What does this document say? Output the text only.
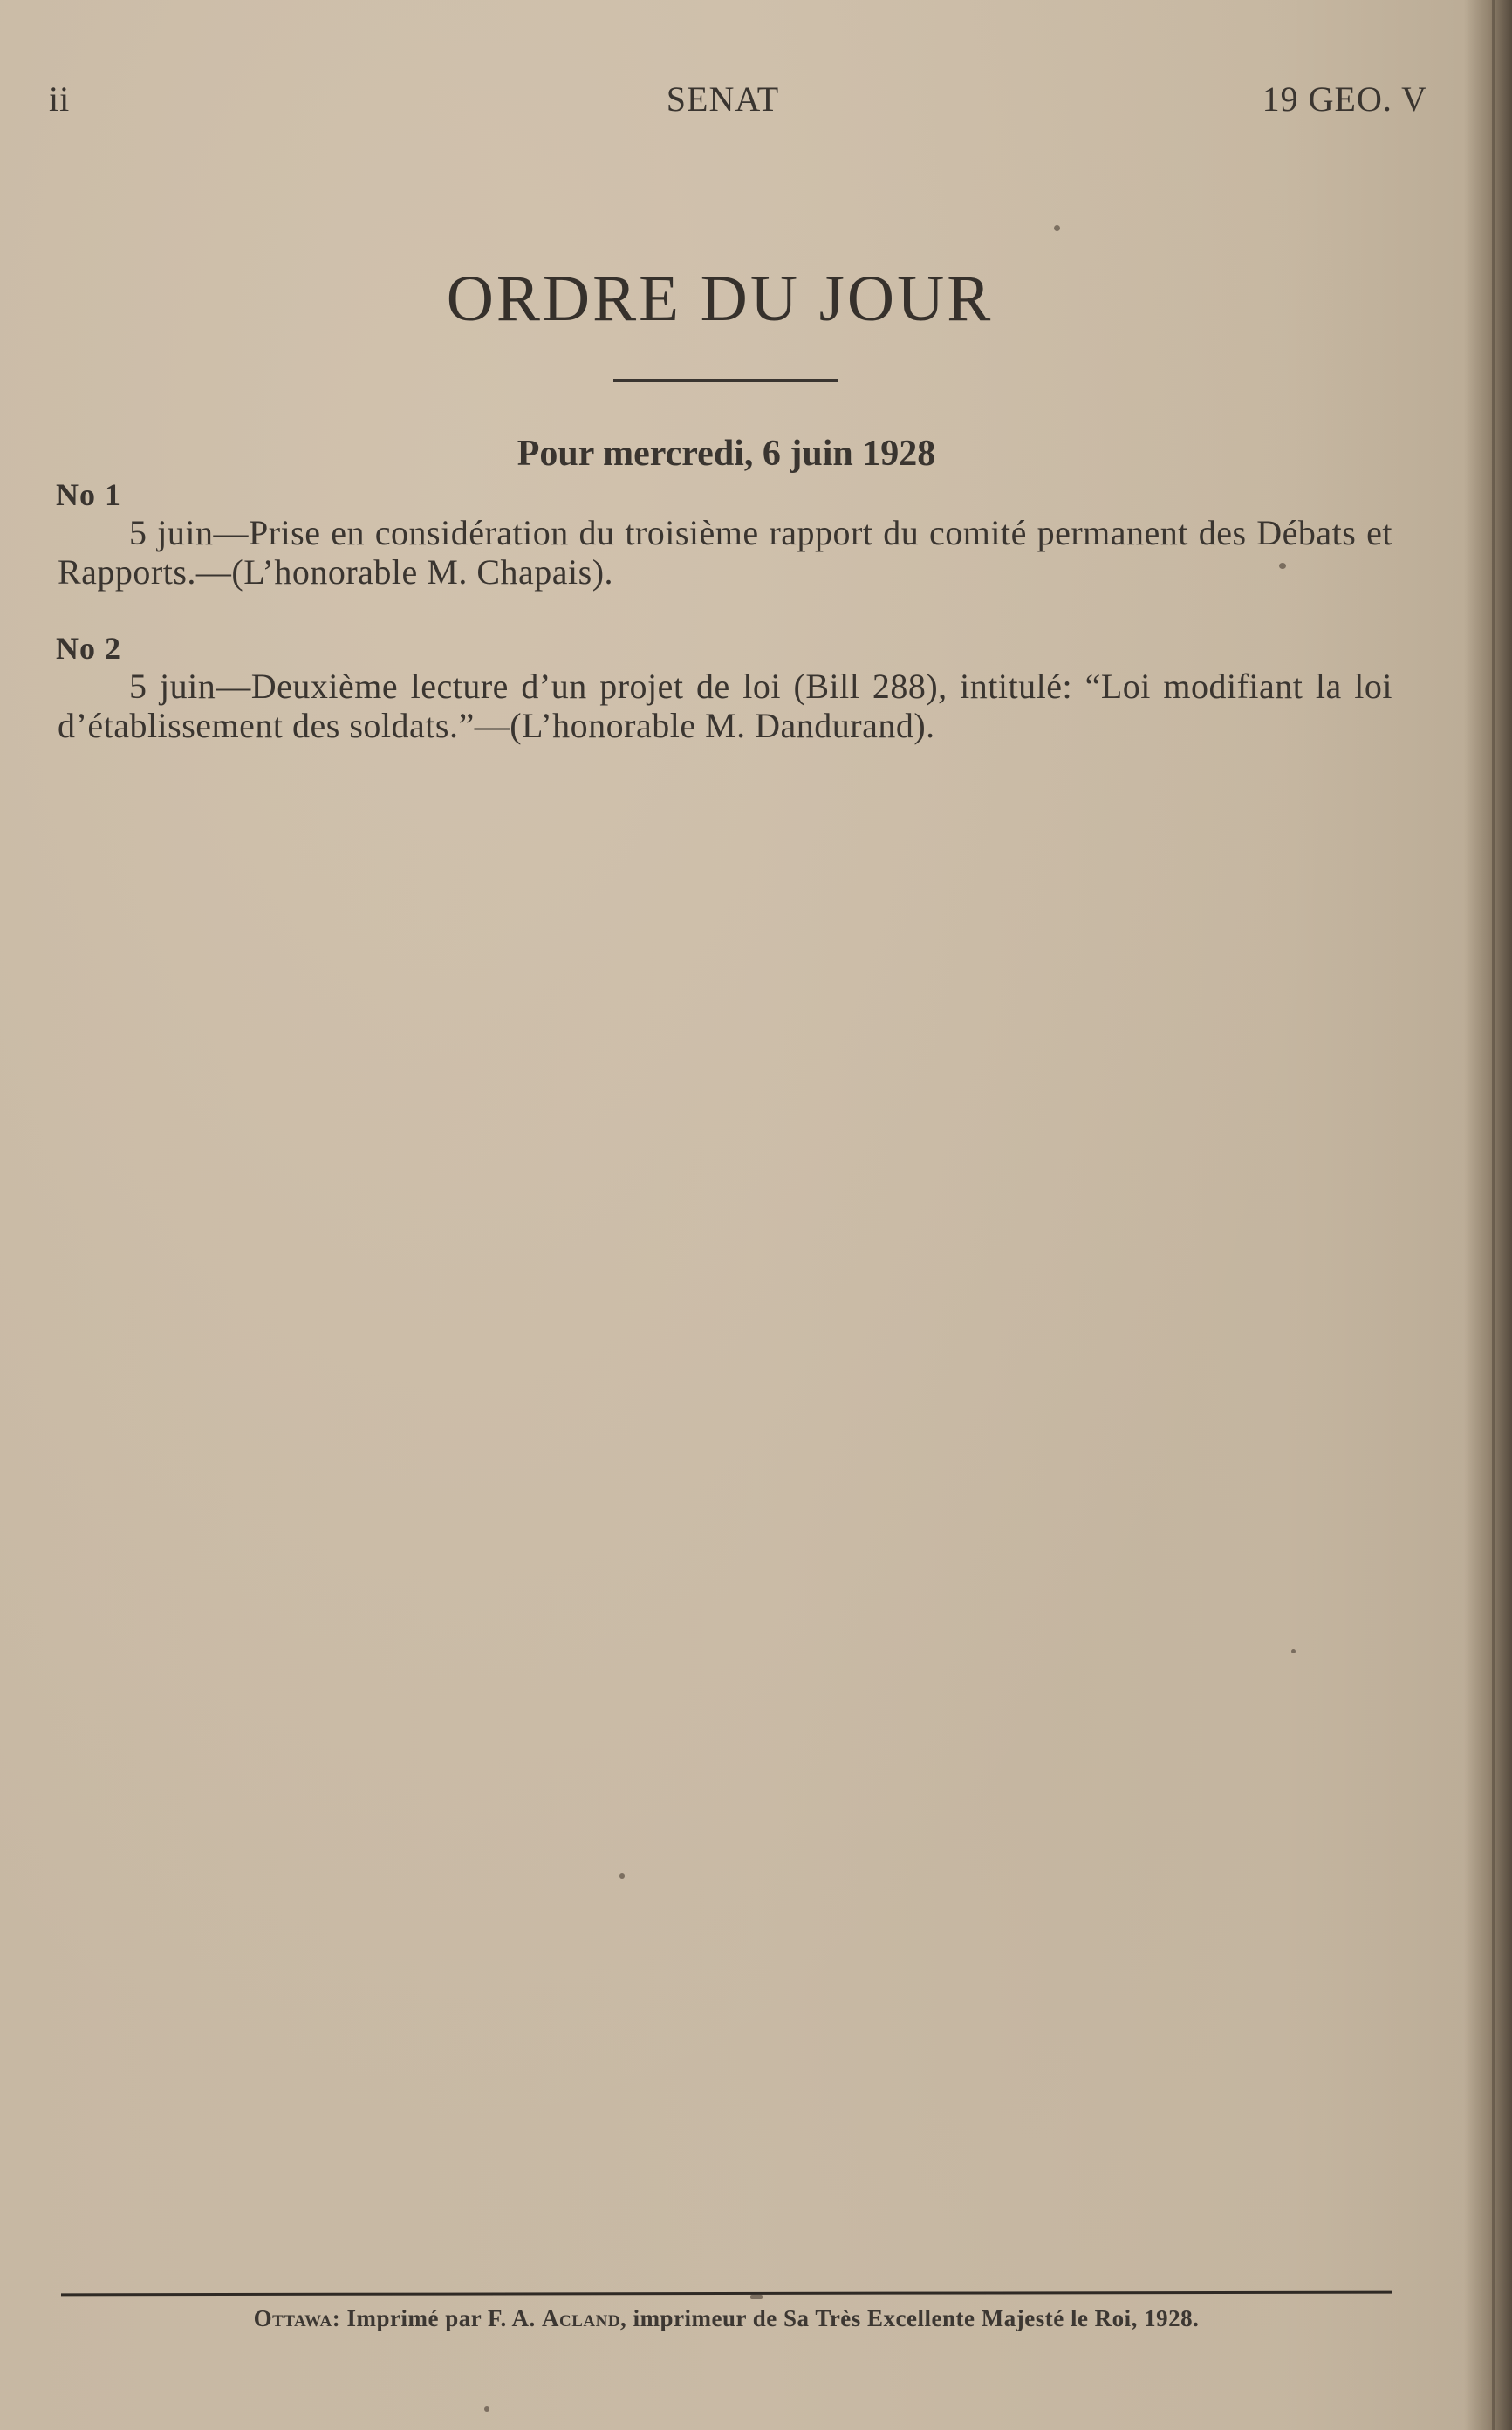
ii	SENAT	19 GEO. V
ORDRE DU JOUR
Pour mercredi, 6 juin 1928
No 1
5 juin—Prise en considération du troisième rapport du comité permanent des Débats et Rapports.—(L’honorable M. Chapais).
No 2
5 juin—Deuxième lecture d’un projet de loi (Bill 288), intitulé: “Loi modifiant la loi d’établissement des soldats.”—(L’honorable M. Dandurand).
Ottawa: Imprimé par F. A. Acland, imprimeur de Sa Très Excellente Majesté le Roi, 1928.
